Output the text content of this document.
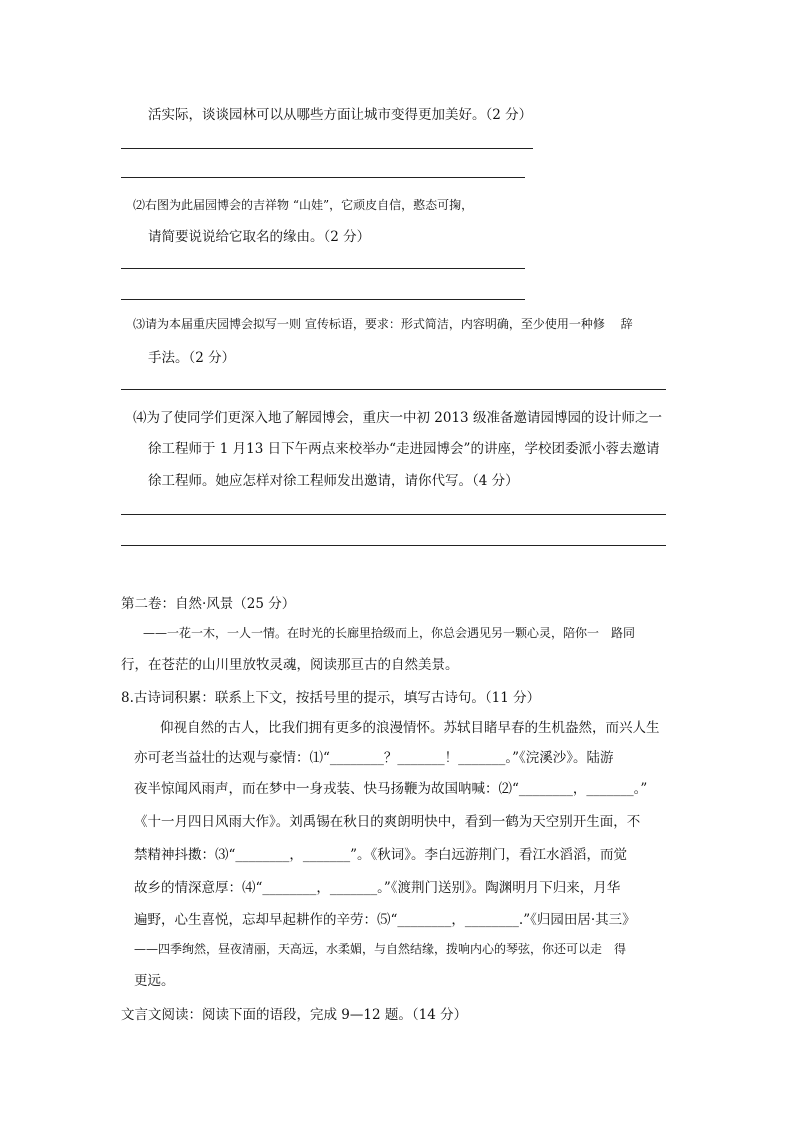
活实际，谈谈园林可以从哪些方面让城市变得更加美好。（2 分）
⑵右图为此届园博会的吉祥物 “山娃”，它顽皮自信，憨态可掬，
请简要说说给它取名的缘由。（2 分）
⑶请为本届重庆园博会拟写一则 宣传标语，要求：形式简洁，内容明确，至少使用一种修　 辞
手法。（2 分）
⑷为了使同学们更深入地了解园博会，重庆一中初 2013 级准备邀请园博园的设计师之一
徐工程师于 1 月13 日下午两点来校举办“走进园博会”的讲座，学校团委派小蓉去邀请
徐工程师。她应怎样对徐工程师发出邀请，请你代写。（4 分）
第二卷：自然·风景（25 分）
——一花一木，一人一情。在时光的长廊里拾级而上，你总会遇见另一颗心灵，陪你一　路同
行，在苍茫的山川里放牧灵魂，阅读那亘古的自然美景。
8.古诗词积累：联系上下文，按括号里的提示，填写古诗句。（11 分）
仰视自然的古人，比我们拥有更多的浪漫情怀。苏轼目睹早春的生机盎然，而兴人生
亦可老当益壮的达观与豪情：⑴“________？_______！_______。”《浣溪沙》。陆游
夜半惊闻风雨声，而在梦中一身戎装、快马扬鞭为故国呐喊：⑵“________，_______。”
《十一月四日风雨大作》。刘禹锡在秋日的爽朗明快中，看到一鹤为天空别开生面，不
禁精神抖擞：⑶“________，_______”。《秋词》。李白远游荆门，看江水滔滔，而觉
故乡的情深意厚：⑷“________，_______。”《渡荆门送别》。陶渊明月下归来，月华
遍野，心生喜悦，忘却早起耕作的辛劳：⑸“________，________.”《归园田居·其三》
——四季绚然，昼夜清丽，天高远，水柔媚，与自然结缘，拨响内心的琴弦，你还可以走　得
更远。
文言文阅读：阅读下面的语段，完成 9—12 题。（14 分）
